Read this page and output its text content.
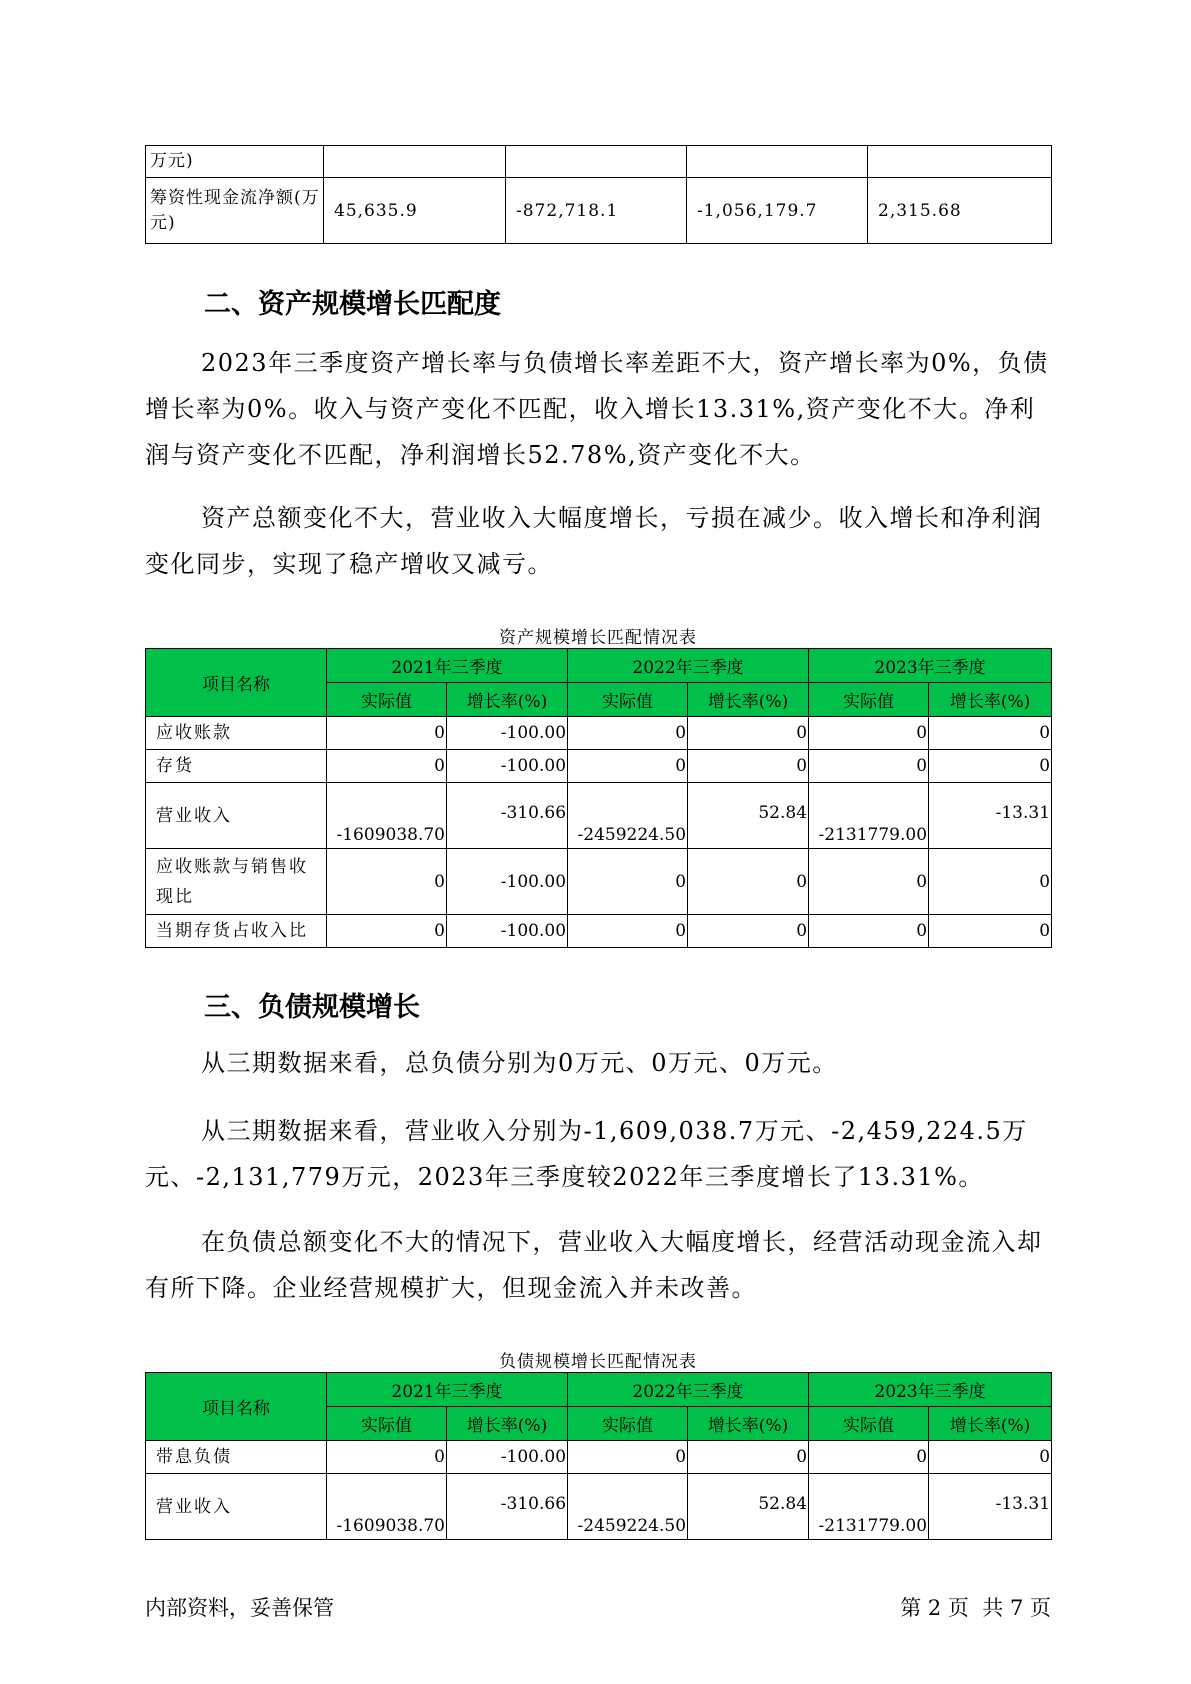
万元)				
筹资性现金流净额(万元)	45,635.9	-872,718.1	-1,056,179.7	2,315.68
二、资产规模增长匹配度
2023年三季度资产增长率与负债增长率差距不大，资产增长率为0%，负债增长率为0%。收入与资产变化不匹配，收入增长13.31%,资产变化不大。净利润与资产变化不匹配，净利润增长52.78%,资产变化不大。
资产总额变化不大，营业收入大幅度增长，亏损在减少。收入增长和净利润变化同步，实现了稳产增收又减亏。
资产规模增长匹配情况表
项目名称	2021年三季度		2022年三季度		2023年三季度	
	实际值	增长率(%)	实际值	增长率(%)	实际值	增长率(%)
应收账款	0	-100.00	0	0	0	0
存货	0	-100.00	0	0	0	0
营业收入	-1609038.70	-310.66	-2459224.50	52.84	-2131779.00	-13.31
应收账款与销售收现比	0	-100.00	0	0	0	0
当期存货占收入比	0	-100.00	0	0	0	0
三、负债规模增长
从三期数据来看，总负债分别为0万元、0万元、0万元。
从三期数据来看，营业收入分别为-1,609,038.7万元、-2,459,224.5万元、-2,131,779万元，2023年三季度较2022年三季度增长了13.31%。
在负债总额变化不大的情况下，营业收入大幅度增长，经营活动现金流入却有所下降。企业经营规模扩大，但现金流入并未改善。
负债规模增长匹配情况表
项目名称	2021年三季度		2022年三季度		2023年三季度	
	实际值	增长率(%)	实际值	增长率(%)	实际值	增长率(%)
带息负债	0	-100.00	0	0	0	0
营业收入	-1609038.70	-310.66	-2459224.50	52.84	-2131779.00	-13.31
内部资料，妥善保管	第 2 页  共 7 页
